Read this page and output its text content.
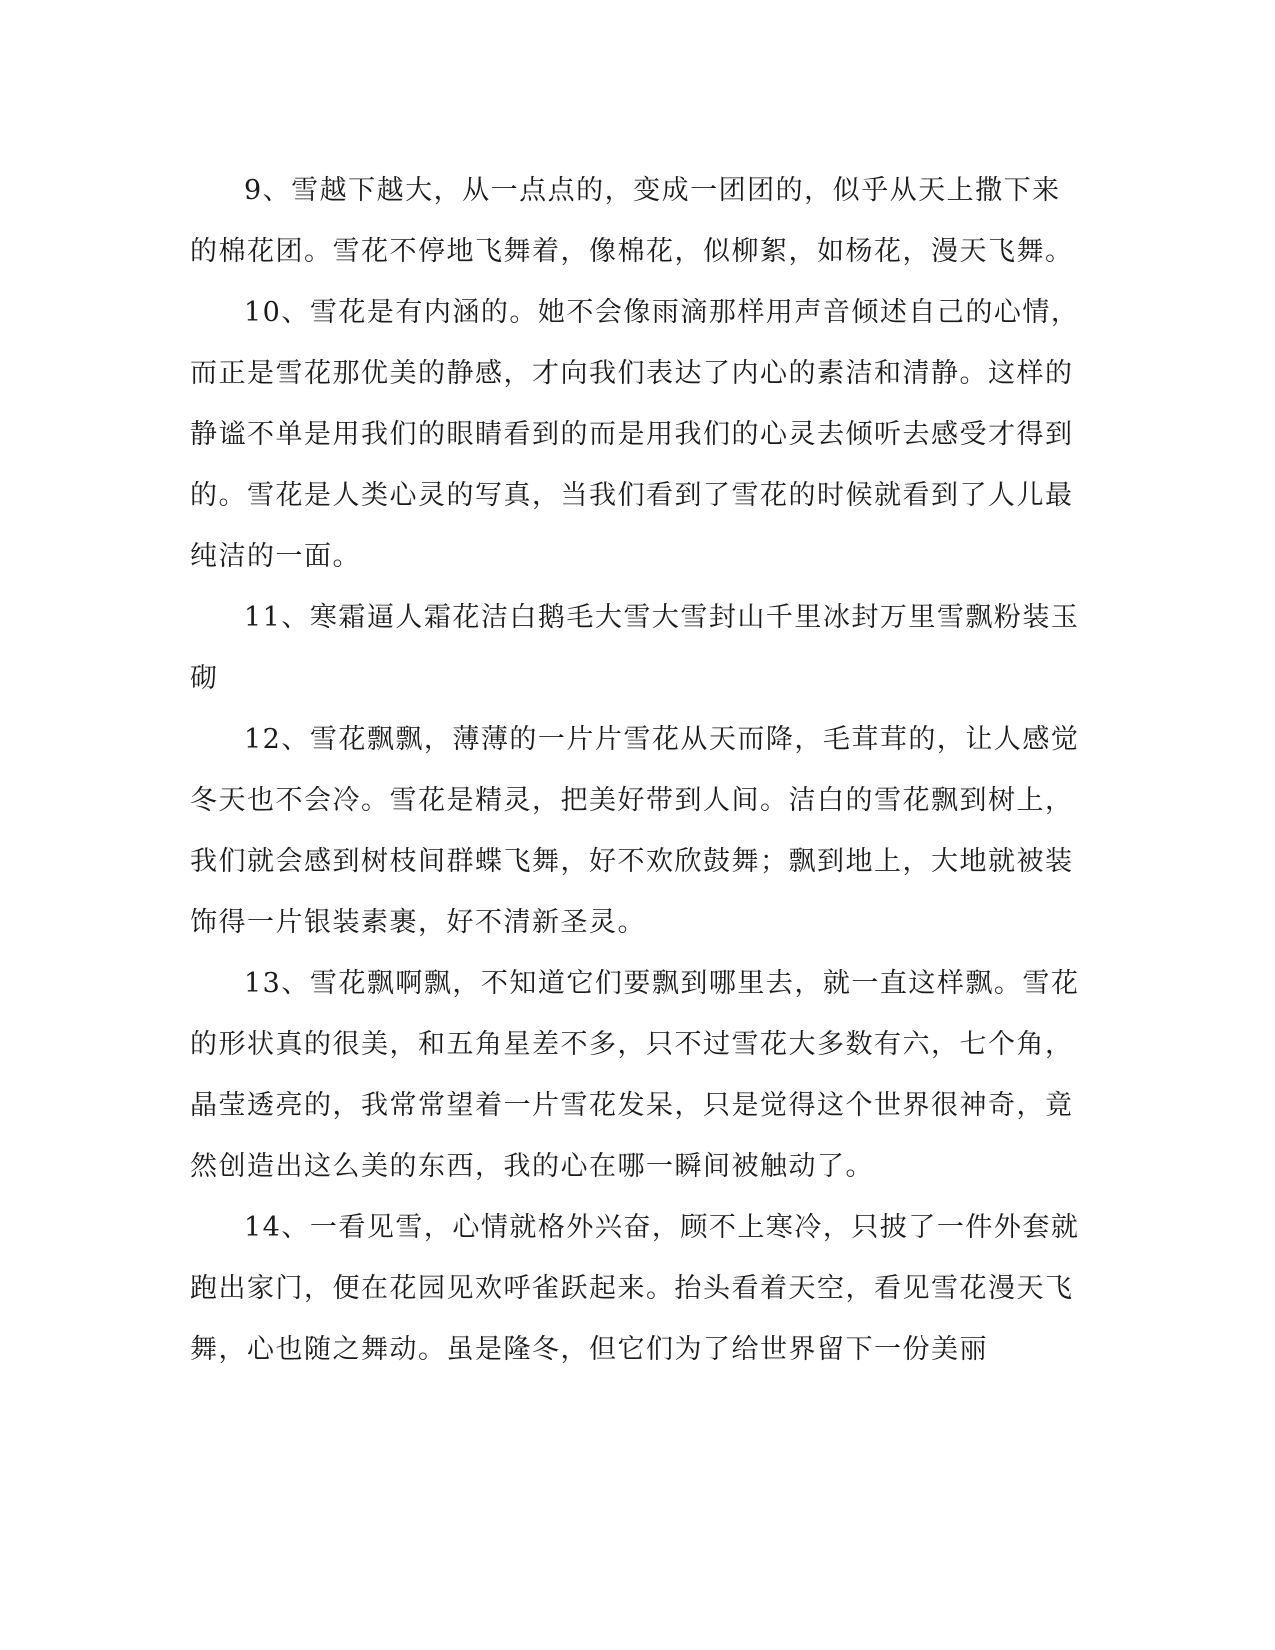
9、雪越下越大，从一点点的，变成一团团的，似乎从天上撒下来的棉花团。雪花不停地飞舞着，像棉花，似柳絮，如杨花，漫天飞舞。

10、雪花是有内涵的。她不会像雨滴那样用声音倾述自己的心情，而正是雪花那优美的静感，才向我们表达了内心的素洁和清静。这样的静谧不单是用我们的眼睛看到的而是用我们的心灵去倾听去感受才得到的。雪花是人类心灵的写真，当我们看到了雪花的时候就看到了人儿最纯洁的一面。

11、寒霜逼人霜花洁白鹅毛大雪大雪封山千里冰封万里雪飘粉装玉砌

12、雪花飘飘，薄薄的一片片雪花从天而降，毛茸茸的，让人感觉冬天也不会冷。雪花是精灵，把美好带到人间。洁白的雪花飘到树上，我们就会感到树枝间群蝶飞舞，好不欢欣鼓舞；飘到地上，大地就被装饰得一片银装素裹，好不清新圣灵。

13、雪花飘啊飘，不知道它们要飘到哪里去，就一直这样飘。雪花的形状真的很美，和五角星差不多，只不过雪花大多数有六，七个角，晶莹透亮的，我常常望着一片雪花发呆，只是觉得这个世界很神奇，竟然创造出这么美的东西，我的心在哪一瞬间被触动了。

14、一看见雪，心情就格外兴奋，顾不上寒冷，只披了一件外套就跑出家门，便在花园见欢呼雀跃起来。抬头看着天空，看见雪花漫天飞舞，心也随之舞动。虽是隆冬，但它们为了给世界留下一份美丽
